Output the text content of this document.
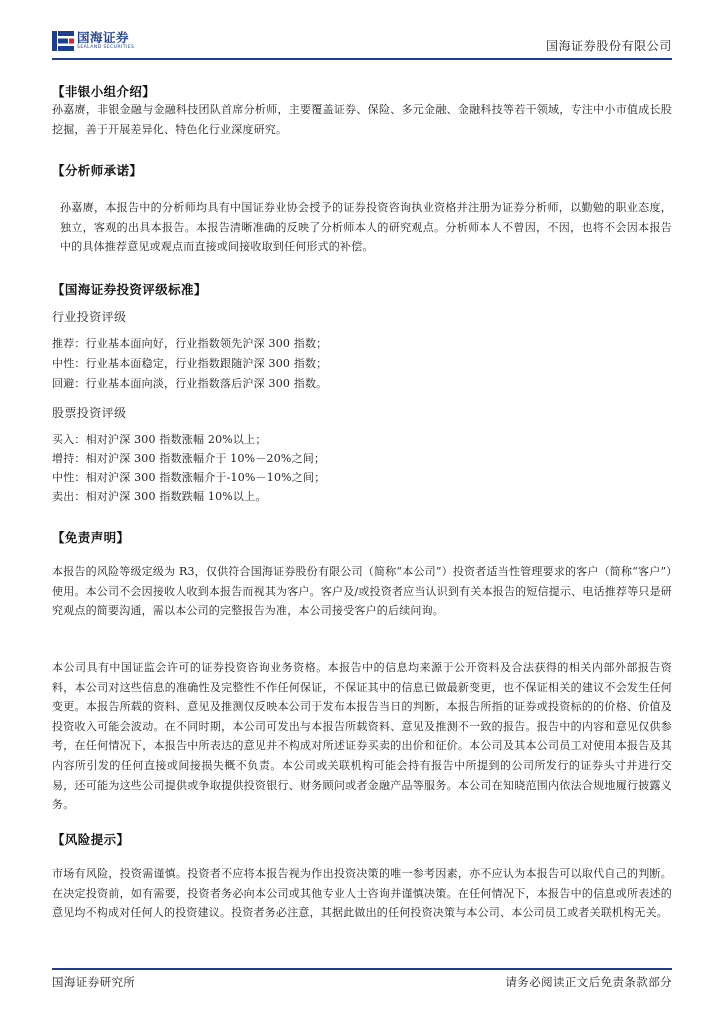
国海证券
SEALAND SECURITIES	国海证券股份有限公司
【非银小组介绍】
孙嘉赓，非银金融与金融科技团队首席分析师，主要覆盖证券、保险、多元金融、金融科技等若干领域，专注中小市值成长股挖掘，善于开展差异化、特色化行业深度研究。
【分析师承诺】
孙嘉赓，本报告中的分析师均具有中国证券业协会授予的证券投资咨询执业资格并注册为证券分析师，以勤勉的职业态度，独立，客观的出具本报告。本报告清晰准确的反映了分析师本人的研究观点。分析师本人不曾因，不因，也将不会因本报告中的具体推荐意见或观点而直接或间接收取到任何形式的补偿。
【国海证券投资评级标准】
行业投资评级
推荐：行业基本面向好，行业指数领先沪深 300 指数；
中性：行业基本面稳定，行业指数跟随沪深 300 指数；
回避：行业基本面向淡，行业指数落后沪深 300 指数。
股票投资评级
买入：相对沪深 300 指数涨幅 20%以上；
增持：相对沪深 300 指数涨幅介于 10%－20%之间；
中性：相对沪深 300 指数涨幅介于-10%－10%之间；
卖出：相对沪深 300 指数跌幅 10%以上。
【免责声明】
本报告的风险等级定级为 R3，仅供符合国海证券股份有限公司（简称“本公司”）投资者适当性管理要求的客户（简称“客户”）使用。本公司不会因接收人收到本报告而视其为客户。客户及/或投资者应当认识到有关本报告的短信提示、电话推荐等只是研究观点的简要沟通，需以本公司的完整报告为准，本公司接受客户的后续问询。
本公司具有中国证监会许可的证券投资咨询业务资格。本报告中的信息均来源于公开资料及合法获得的相关内部外部报告资料，本公司对这些信息的准确性及完整性不作任何保证，不保证其中的信息已做最新变更，也不保证相关的建议不会发生任何变更。本报告所载的资料、意见及推测仅反映本公司于发布本报告当日的判断，本报告所指的证券或投资标的的价格、价值及投资收入可能会波动。在不同时期，本公司可发出与本报告所载资料、意见及推测不一致的报告。报告中的内容和意见仅供参考，在任何情况下，本报告中所表达的意见并不构成对所述证券买卖的出价和征价。本公司及其本公司员工对使用本报告及其内容所引发的任何直接或间接损失概不负责。本公司或关联机构可能会持有报告中所提到的公司所发行的证券头寸并进行交易，还可能为这些公司提供或争取提供投资银行、财务顾问或者金融产品等服务。本公司在知晓范围内依法合规地履行披露义务。
【风险提示】
市场有风险，投资需谨慎。投资者不应将本报告视为作出投资决策的唯一参考因素，亦不应认为本报告可以取代自己的判断。在决定投资前，如有需要，投资者务必向本公司或其他专业人士咨询并谨慎决策。在任何情况下，本报告中的信息或所表述的意见均不构成对任何人的投资建议。投资者务必注意，其据此做出的任何投资决策与本公司、本公司员工或者关联机构无关。
国海证券研究所	请务必阅读正文后免责条款部分
